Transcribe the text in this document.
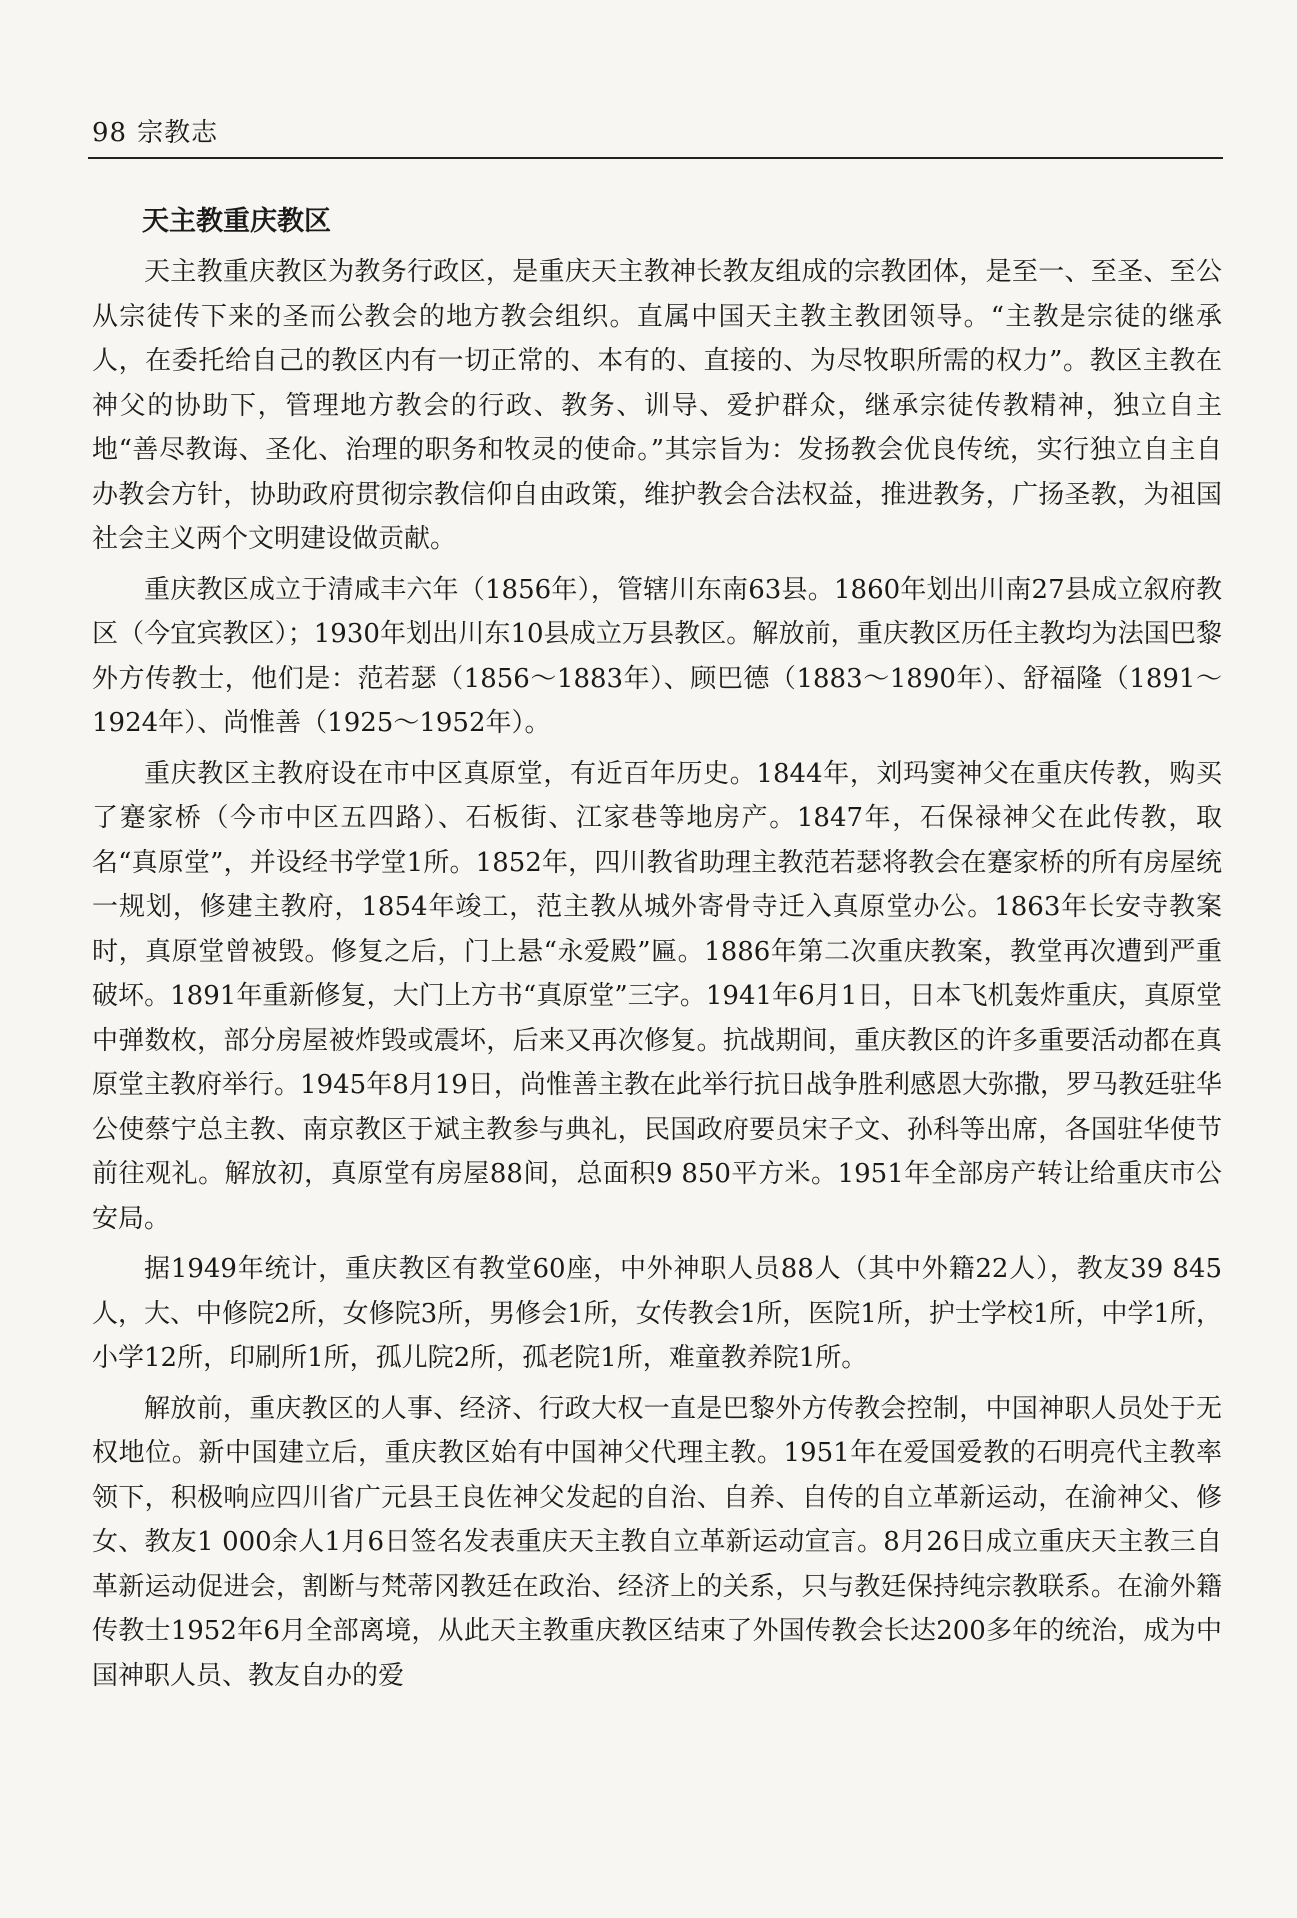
98 宗教志
天主教重庆教区

天主教重庆教区为教务行政区，是重庆天主教神长教友组成的宗教团体，是至一、至圣、至公从宗徒传下来的圣而公教会的地方教会组织。直属中国天主教主教团领导。“主教是宗徒的继承人，在委托给自己的教区内有一切正常的、本有的、直接的、为尽牧职所需的权力”。教区主教在神父的协助下，管理地方教会的行政、教务、训导、爱护群众，继承宗徒传教精神，独立自主地“善尽教诲、圣化、治理的职务和牧灵的使命。”其宗旨为：发扬教会优良传统，实行独立自主自办教会方针，协助政府贯彻宗教信仰自由政策，维护教会合法权益，推进教务，广扬圣教，为祖国社会主义两个文明建设做贡献。

重庆教区成立于清咸丰六年（1856年），管辖川东南63县。1860年划出川南27县成立叙府教区（今宜宾教区）；1930年划出川东10县成立万县教区。解放前，重庆教区历任主教均为法国巴黎外方传教士，他们是：范若瑟（1856～1883年）、顾巴德（1883～1890年）、舒福隆（1891～1924年）、尚惟善（1925～1952年）。

重庆教区主教府设在市中区真原堂，有近百年历史。1844年，刘玛窦神父在重庆传教，购买了蹇家桥（今市中区五四路）、石板街、江家巷等地房产。1847年，石保禄神父在此传教，取名“真原堂”，并设经书学堂1所。1852年，四川教省助理主教范若瑟将教会在蹇家桥的所有房屋统一规划，修建主教府，1854年竣工，范主教从城外寄骨寺迁入真原堂办公。1863年长安寺教案时，真原堂曾被毁。修复之后，门上悬“永爱殿”匾。1886年第二次重庆教案，教堂再次遭到严重破坏。1891年重新修复，大门上方书“真原堂”三字。1941年6月1日，日本飞机轰炸重庆，真原堂中弹数枚，部分房屋被炸毁或震坏，后来又再次修复。抗战期间，重庆教区的许多重要活动都在真原堂主教府举行。1945年8月19日，尚惟善主教在此举行抗日战争胜利感恩大弥撒，罗马教廷驻华公使蔡宁总主教、南京教区于斌主教参与典礼，民国政府要员宋子文、孙科等出席，各国驻华使节前往观礼。解放初，真原堂有房屋88间，总面积9 850平方米。1951年全部房产转让给重庆市公安局。

据1949年统计，重庆教区有教堂60座，中外神职人员88人（其中外籍22人），教友39 845人，大、中修院2所，女修院3所，男修会1所，女传教会1所，医院1所，护士学校1所，中学1所，小学12所，印刷所1所，孤儿院2所，孤老院1所，难童教养院1所。

解放前，重庆教区的人事、经济、行政大权一直是巴黎外方传教会控制，中国神职人员处于无权地位。新中国建立后，重庆教区始有中国神父代理主教。1951年在爱国爱教的石明亮代主教率领下，积极响应四川省广元县王良佐神父发起的自治、自养、自传的自立革新运动，在渝神父、修女、教友1 000余人1月6日签名发表重庆天主教自立革新运动宣言。8月26日成立重庆天主教三自革新运动促进会，割断与梵蒂冈教廷在政治、经济上的关系，只与教廷保持纯宗教联系。在渝外籍传教士1952年6月全部离境，从此天主教重庆教区结束了外国传教会长达200多年的统治，成为中国神职人员、教友自办的爱
